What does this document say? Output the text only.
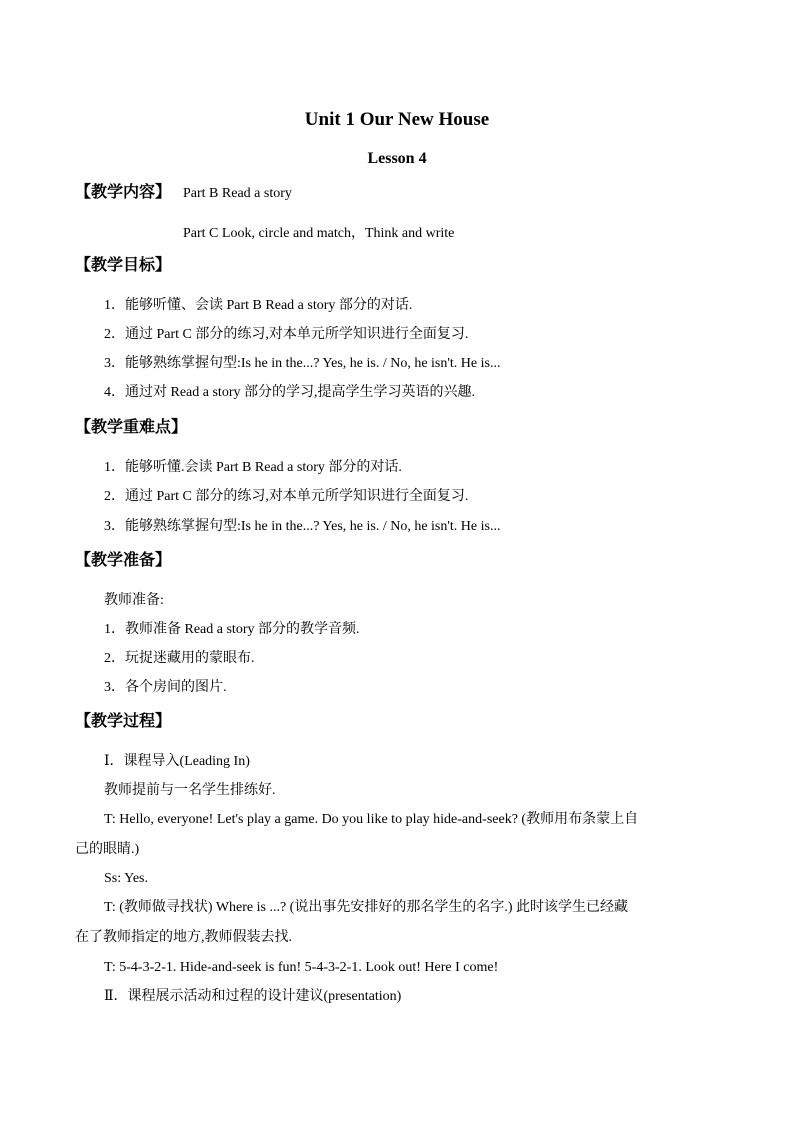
Unit 1 Our New House
Lesson 4
【教学内容】 Part B Read a story
Part C Look, circle and match，Think and write
【教学目标】
1．能够听懂、会读 Part B Read a story 部分的对话.
2．通过 Part C 部分的练习,对本单元所学知识进行全面复习.
3．能够熟练掌握句型:Is he in the...? Yes, he is. / No, he isn't. He is...
4．通过对 Read a story 部分的学习,提高学生学习英语的兴趣.
【教学重难点】
1．能够听懂.会读 Part B Read a story 部分的对话.
2．通过 Part C 部分的练习,对本单元所学知识进行全面复习.
3．能够熟练掌握句型:Is he in the...? Yes, he is. / No, he isn't. He is...
【教学准备】
教师准备:
1．教师准备 Read a story 部分的教学音频.
2．玩捉迷藏用的蒙眼布.
3．各个房间的图片.
【教学过程】
Ⅰ．课程导入(Leading In)
教师提前与一名学生排练好.
T: Hello, everyone! Let's play a game. Do you like to play hide-and-seek? (教师用布条蒙上自
己的眼睛.)
Ss: Yes.
T: (教师做寻找状) Where is ...? (说出事先安排好的那名学生的名字.) 此时该学生已经藏
在了教师指定的地方,教师假装去找.
T: 5-4-3-2-1. Hide-and-seek is fun! 5-4-3-2-1. Look out! Here I come!
Ⅱ．课程展示活动和过程的设计建议(presentation)
